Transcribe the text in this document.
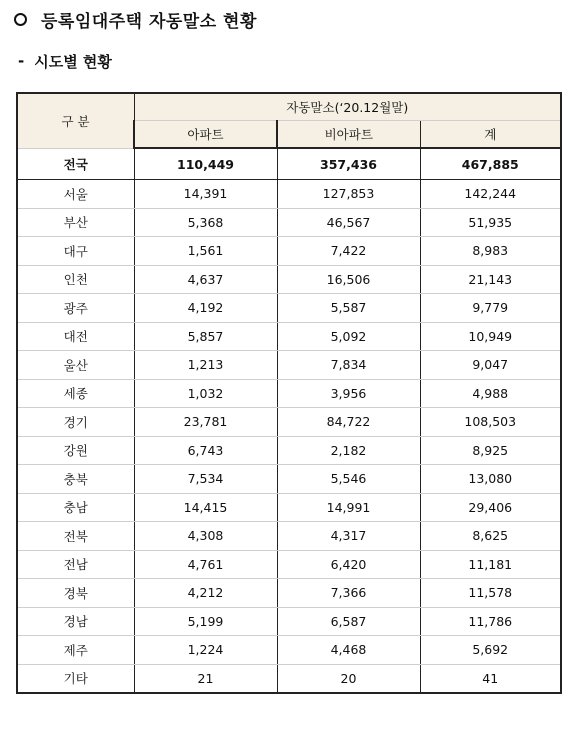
등록임대주택 자동말소 현황
- 시도별 현황
구 분	자동말소(‘20.12월말)		
	아파트	비아파트	계
전국	110,449	357,436	467,885
서울	14,391	127,853	142,244
부산	5,368	46,567	51,935
대구	1,561	7,422	8,983
인천	4,637	16,506	21,143
광주	4,192	5,587	9,779
대전	5,857	5,092	10,949
울산	1,213	7,834	9,047
세종	1,032	3,956	4,988
경기	23,781	84,722	108,503
강원	6,743	2,182	8,925
충북	7,534	5,546	13,080
충남	14,415	14,991	29,406
전북	4,308	4,317	8,625
전남	4,761	6,420	11,181
경북	4,212	7,366	11,578
경남	5,199	6,587	11,786
제주	1,224	4,468	5,692
기타	21	20	41
